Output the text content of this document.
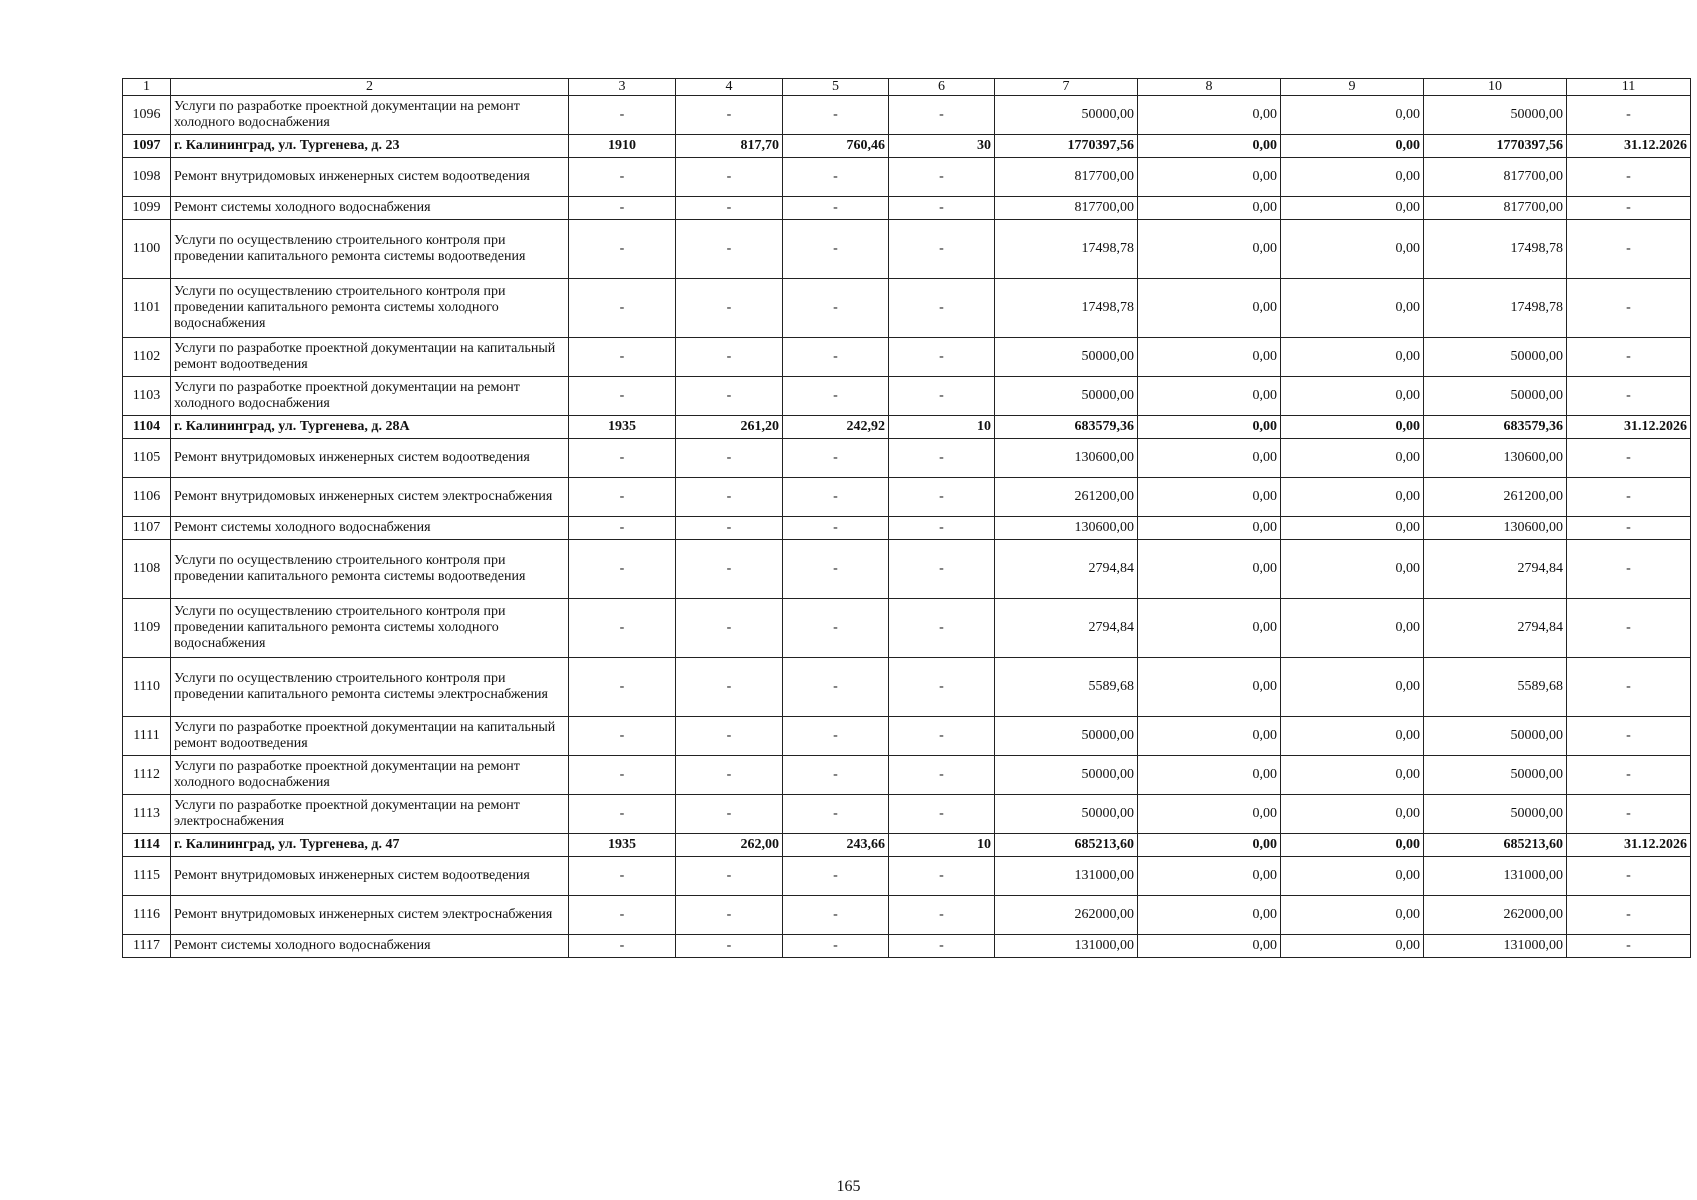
1	2	3	4	5	6	7	8	9	10	11
1096	Услуги по разработке проектной документации на ремонт холодного водоснабжения	-	-	-	-	50000,00	0,00	0,00	50000,00	-
1097	г. Калининград, ул. Тургенева, д. 23	1910	817,70	760,46	30	1770397,56	0,00	0,00	1770397,56	31.12.2026
1098	Ремонт внутридомовых инженерных систем водоотведения	-	-	-	-	817700,00	0,00	0,00	817700,00	-
1099	Ремонт системы холодного водоснабжения	-	-	-	-	817700,00	0,00	0,00	817700,00	-
1100	Услуги по осуществлению строительного контроля при проведении капитального ремонта системы водоотведения	-	-	-	-	17498,78	0,00	0,00	17498,78	-
1101	Услуги по осуществлению строительного контроля при проведении капитального ремонта системы холодного водоснабжения	-	-	-	-	17498,78	0,00	0,00	17498,78	-
1102	Услуги по разработке проектной документации на капитальный ремонт водоотведения	-	-	-	-	50000,00	0,00	0,00	50000,00	-
1103	Услуги по разработке проектной документации на ремонт холодного водоснабжения	-	-	-	-	50000,00	0,00	0,00	50000,00	-
1104	г. Калининград, ул. Тургенева, д. 28А	1935	261,20	242,92	10	683579,36	0,00	0,00	683579,36	31.12.2026
1105	Ремонт внутридомовых инженерных систем водоотведения	-	-	-	-	130600,00	0,00	0,00	130600,00	-
1106	Ремонт внутридомовых инженерных систем электроснабжения	-	-	-	-	261200,00	0,00	0,00	261200,00	-
1107	Ремонт системы холодного водоснабжения	-	-	-	-	130600,00	0,00	0,00	130600,00	-
1108	Услуги по осуществлению строительного контроля при проведении капитального ремонта системы водоотведения	-	-	-	-	2794,84	0,00	0,00	2794,84	-
1109	Услуги по осуществлению строительного контроля при проведении капитального ремонта системы холодного водоснабжения	-	-	-	-	2794,84	0,00	0,00	2794,84	-
1110	Услуги по осуществлению строительного контроля при проведении капитального ремонта системы электроснабжения	-	-	-	-	5589,68	0,00	0,00	5589,68	-
1111	Услуги по разработке проектной документации на капитальный ремонт водоотведения	-	-	-	-	50000,00	0,00	0,00	50000,00	-
1112	Услуги по разработке проектной документации на ремонт холодного водоснабжения	-	-	-	-	50000,00	0,00	0,00	50000,00	-
1113	Услуги по разработке проектной документации на ремонт электроснабжения	-	-	-	-	50000,00	0,00	0,00	50000,00	-
1114	г. Калининград, ул. Тургенева, д. 47	1935	262,00	243,66	10	685213,60	0,00	0,00	685213,60	31.12.2026
1115	Ремонт внутридомовых инженерных систем водоотведения	-	-	-	-	131000,00	0,00	0,00	131000,00	-
1116	Ремонт внутридомовых инженерных систем электроснабжения	-	-	-	-	262000,00	0,00	0,00	262000,00	-
1117	Ремонт системы холодного водоснабжения	-	-	-	-	131000,00	0,00	0,00	131000,00	-
165
